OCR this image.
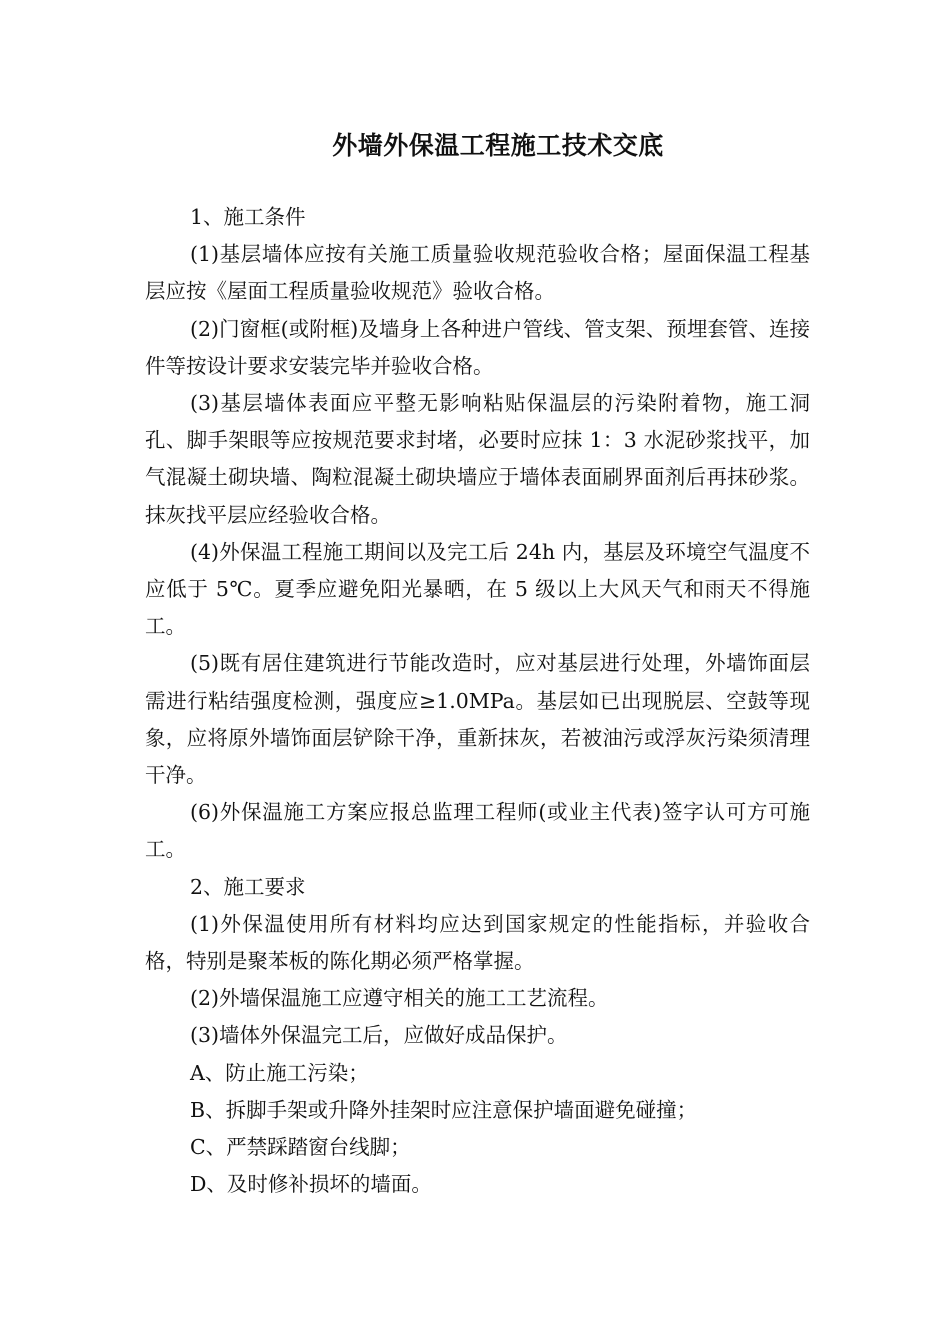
外墙外保温工程施工技术交底

1、施工条件

(1)基层墙体应按有关施工质量验收规范验收合格；屋面保温工程基层应按《屋面工程质量验收规范》验收合格。

(2)门窗框(或附框)及墙身上各种进户管线、管支架、预埋套管、连接件等按设计要求安装完毕并验收合格。

(3)基层墙体表面应平整无影响粘贴保温层的污染附着物，施工洞孔、脚手架眼等应按规范要求封堵，必要时应抹 1：3 水泥砂浆找平，加气混凝土砌块墙、陶粒混凝土砌块墙应于墙体表面刷界面剂后再抹砂浆。抹灰找平层应经验收合格。

(4)外保温工程施工期间以及完工后 24h 内，基层及环境空气温度不应低于 5℃。夏季应避免阳光暴晒，在 5 级以上大风天气和雨天不得施工。

(5)既有居住建筑进行节能改造时，应对基层进行处理，外墙饰面层需进行粘结强度检测，强度应≥1.0MPa。基层如已出现脱层、空鼓等现象，应将原外墙饰面层铲除干净，重新抹灰，若被油污或浮灰污染须清理干净。

(6)外保温施工方案应报总监理工程师(或业主代表)签字认可方可施工。

2、施工要求

(1)外保温使用所有材料均应达到国家规定的性能指标，并验收合格，特别是聚苯板的陈化期必须严格掌握。

(2)外墙保温施工应遵守相关的施工工艺流程。

(3)墙体外保温完工后，应做好成品保护。

A、防止施工污染；

B、拆脚手架或升降外挂架时应注意保护墙面避免碰撞；

C、严禁踩踏窗台线脚；

D、及时修补损坏的墙面。
